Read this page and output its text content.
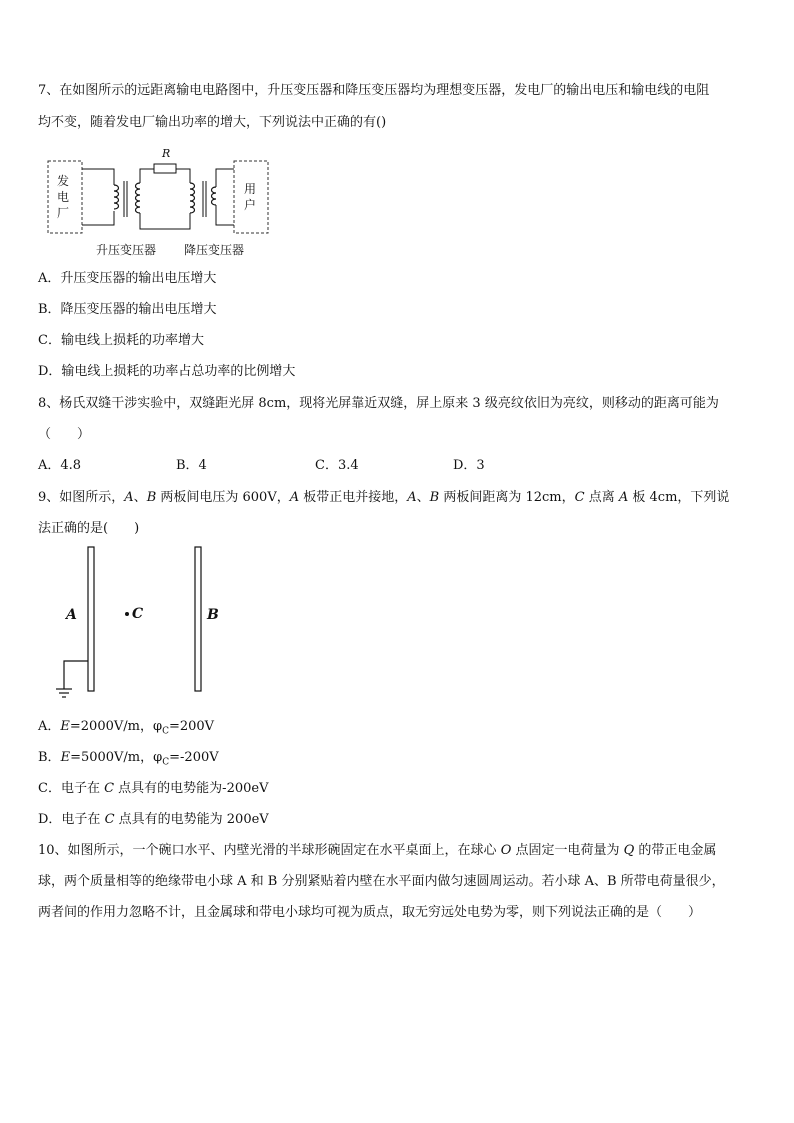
7、在如图所示的远距离输电电路图中，升压变压器和降压变压器均为理想变压器，发电厂的输出电压和输电线的电阻
均不变，随着发电厂输出功率的增大，下列说法中正确的有()
R
发电厂
用户
升压变压器 降压变压器
A．升压变压器的输出电压增大
B．降压变压器的输出电压增大
C．输电线上损耗的功率增大
D．输电线上损耗的功率占总功率的比例增大
8、杨氏双缝干涉实验中，双缝距光屏 8cm，现将光屏靠近双缝，屏上原来 3 级亮纹依旧为亮纹，则移动的距离可能为
（　　）
A．4.8	B．4	C．3.4	D．3
9、如图所示，A、B 两板间电压为 600V，A 板带正电并接地，A、B 两板间距离为 12cm，C 点离 A 板 4cm，下列说
法正确的是(　　)
A	C	B
A．E=2000V/m，$\varphi_C=200V$
B．E=5000V/m，$\varphi_C=-200V$
C．电子在 C 点具有的电势能为-200eV
D．电子在 C 点具有的电势能为 200eV
10、如图所示，一个碗口水平、内壁光滑的半球形碗固定在水平桌面上，在球心 O 点固定一电荷量为 Q 的带正电金属
球，两个质量相等的绝缘带电小球 A 和 B 分别紧贴着内壁在水平面内做匀速圆周运动。若小球 A、B 所带电荷量很少，
两者间的作用力忽略不计，且金属球和带电小球均可视为质点，取无穷远处电势为零，则下列说法正确的是（　　）
